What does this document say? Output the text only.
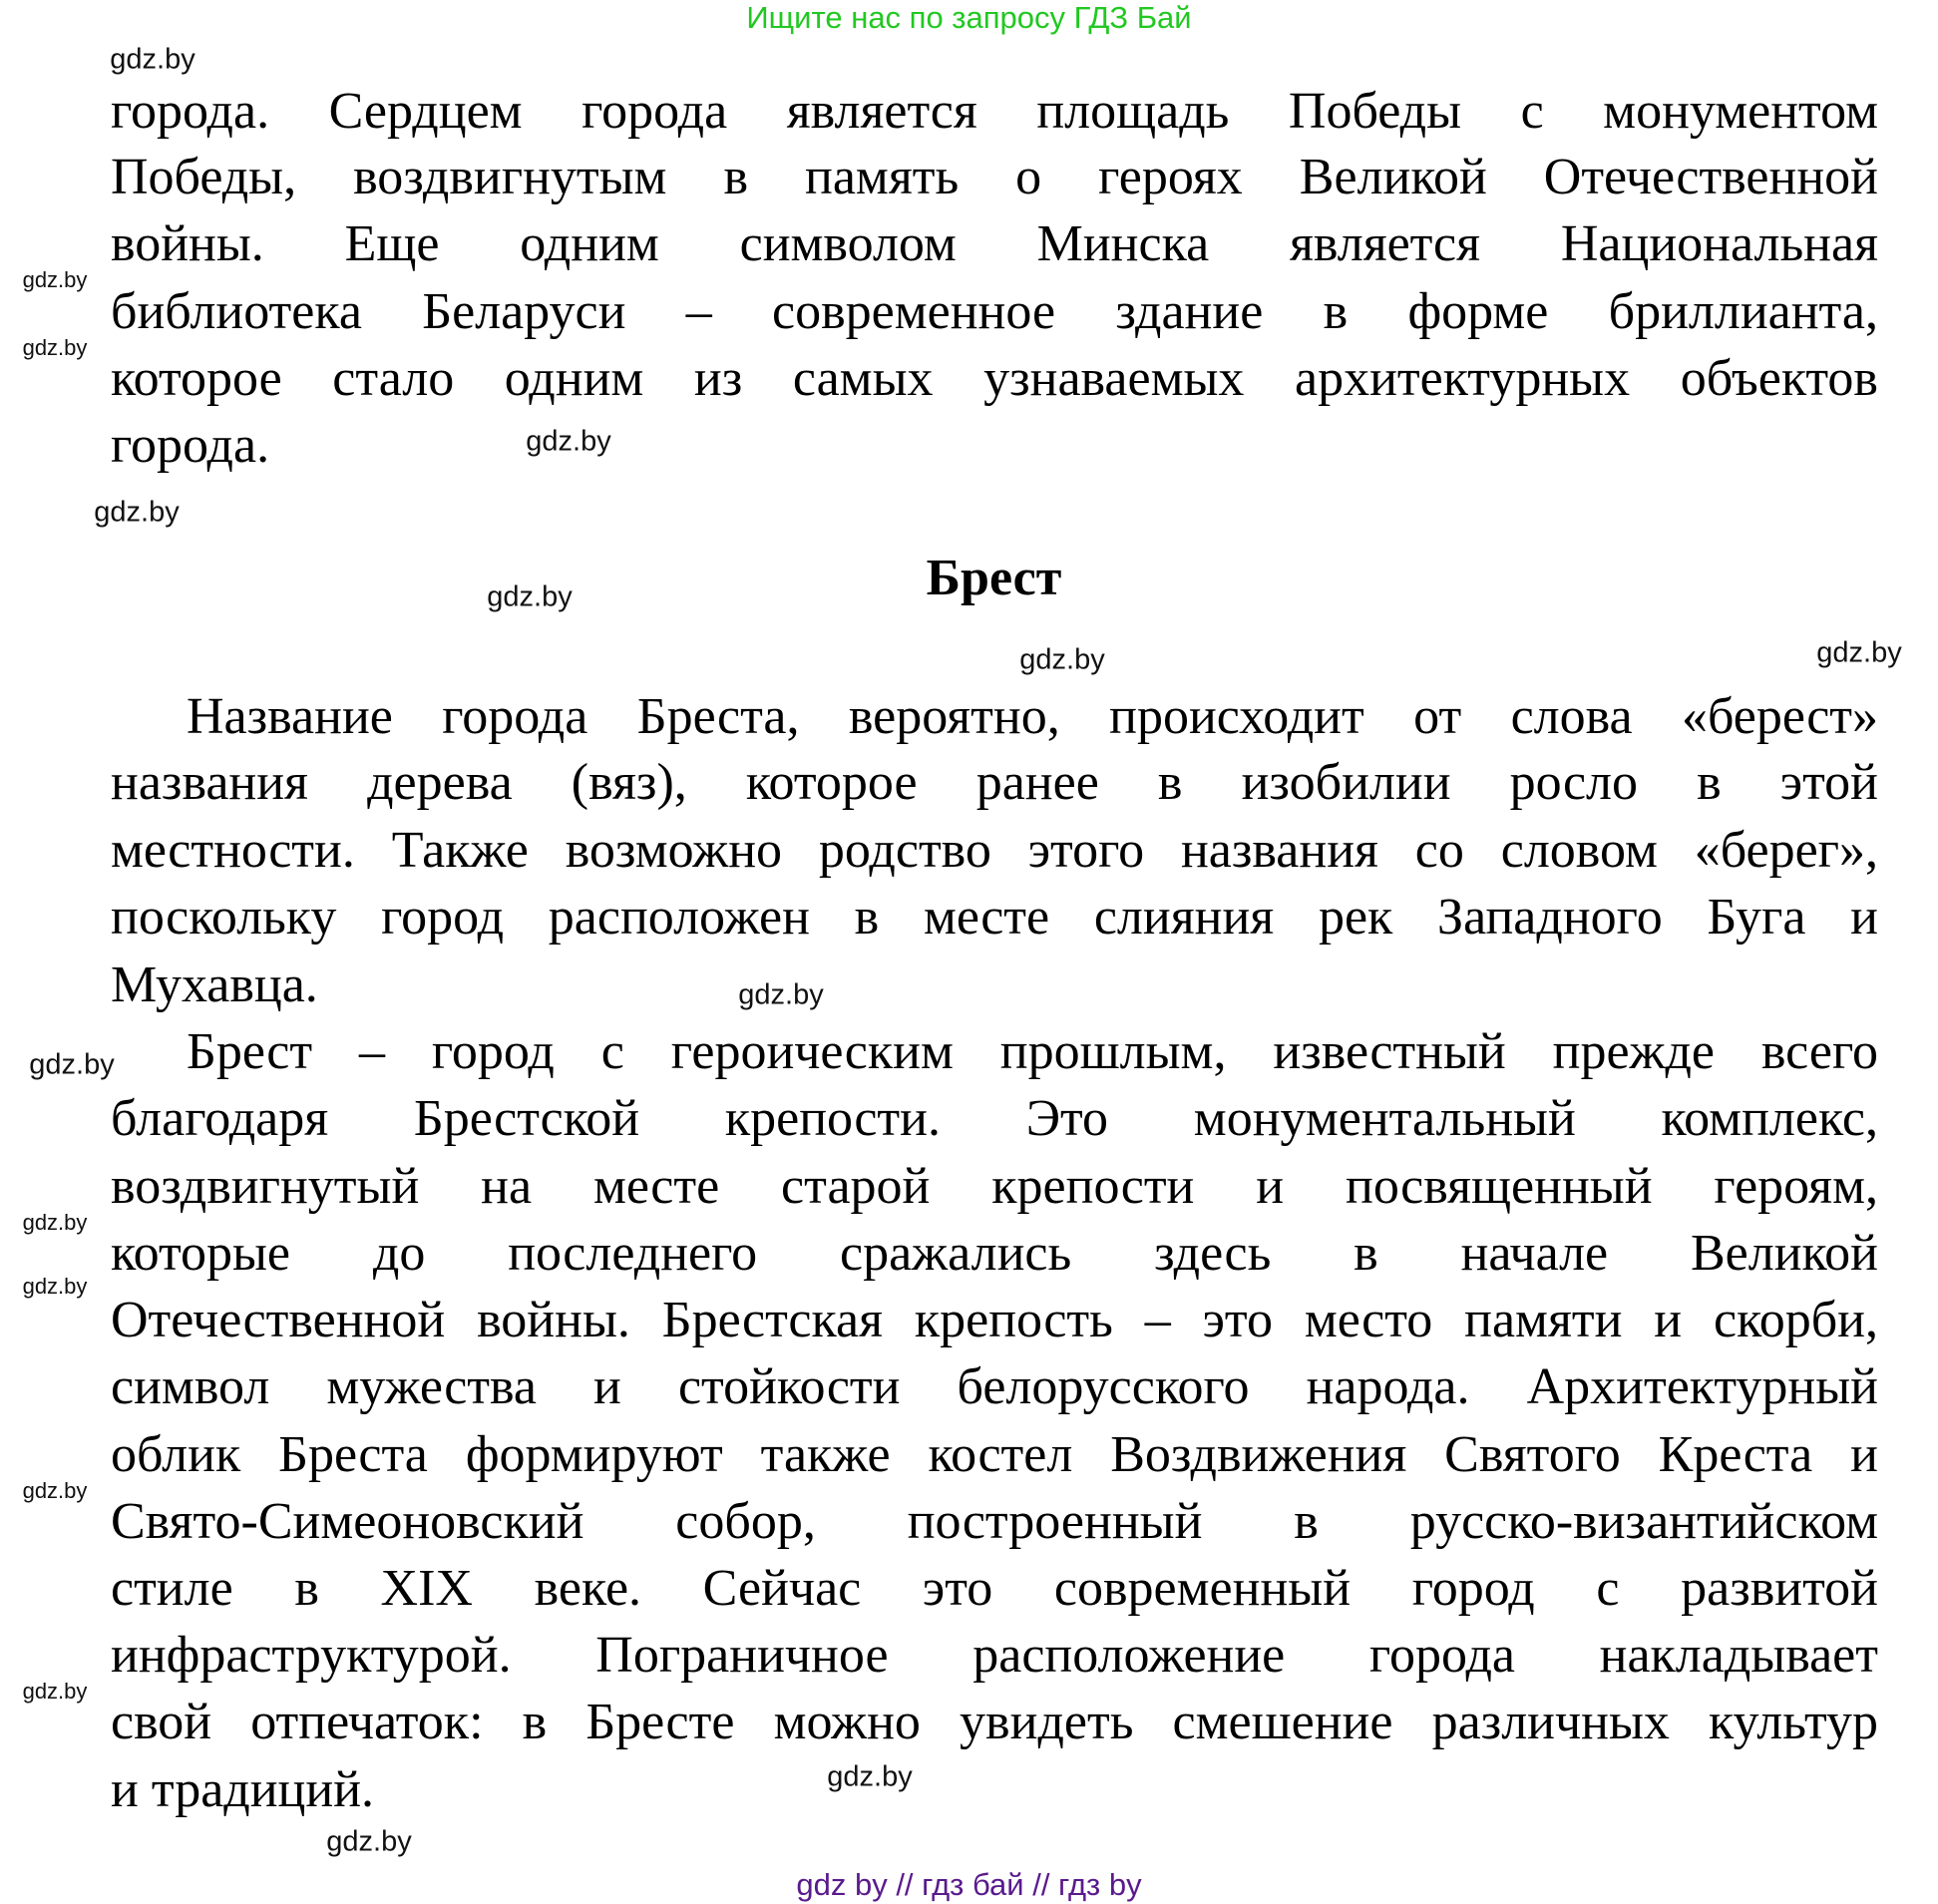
Ищите нас по запросу ГДЗ Бай
города. Сердцем города является площадь Победы с монументом
Победы, воздвигнутым в память о героях Великой Отечественной
войны. Еще одним символом Минска является Национальная
библиотека Беларуси – современное здание в форме бриллианта,
которое стало одним из самых узнаваемых архитектурных объектов
города.
Брест
Название города Бреста, вероятно, происходит от слова «берест»
названия дерева (вяз), которое ранее в изобилии росло в этой
местности. Также возможно родство этого названия со словом «берег»,
поскольку город расположен в месте слияния рек Западного Буга и
Мухавца.
Брест – город с героическим прошлым, известный прежде всего
благодаря Брестской крепости. Это монументальный комплекс,
воздвигнутый на месте старой крепости и посвященный героям,
которые до последнего сражались здесь в начале Великой
Отечественной войны. Брестская крепость – это место памяти и скорби,
символ мужества и стойкости белорусского народа. Архитектурный
облик Бреста формируют также костел Воздвижения Святого Креста и
Свято-Симеоновский собор, построенный в русско-византийском
стиле в XIX веке. Сейчас это современный город с развитой
инфраструктурой. Пограничное расположение города накладывает
свой отпечаток: в Бресте можно увидеть смешение различных культур
и традиций.
gdz.by
gdz.by
gdz.by
gdz.by
gdz.by
gdz.by
gdz.by	gdz.by
gdz.by
gdz.by
gdz.by
gdz.by
gdz.by
gdz.by
gdz.by
gdz.by
gdz by // гдз бай // гдз by
